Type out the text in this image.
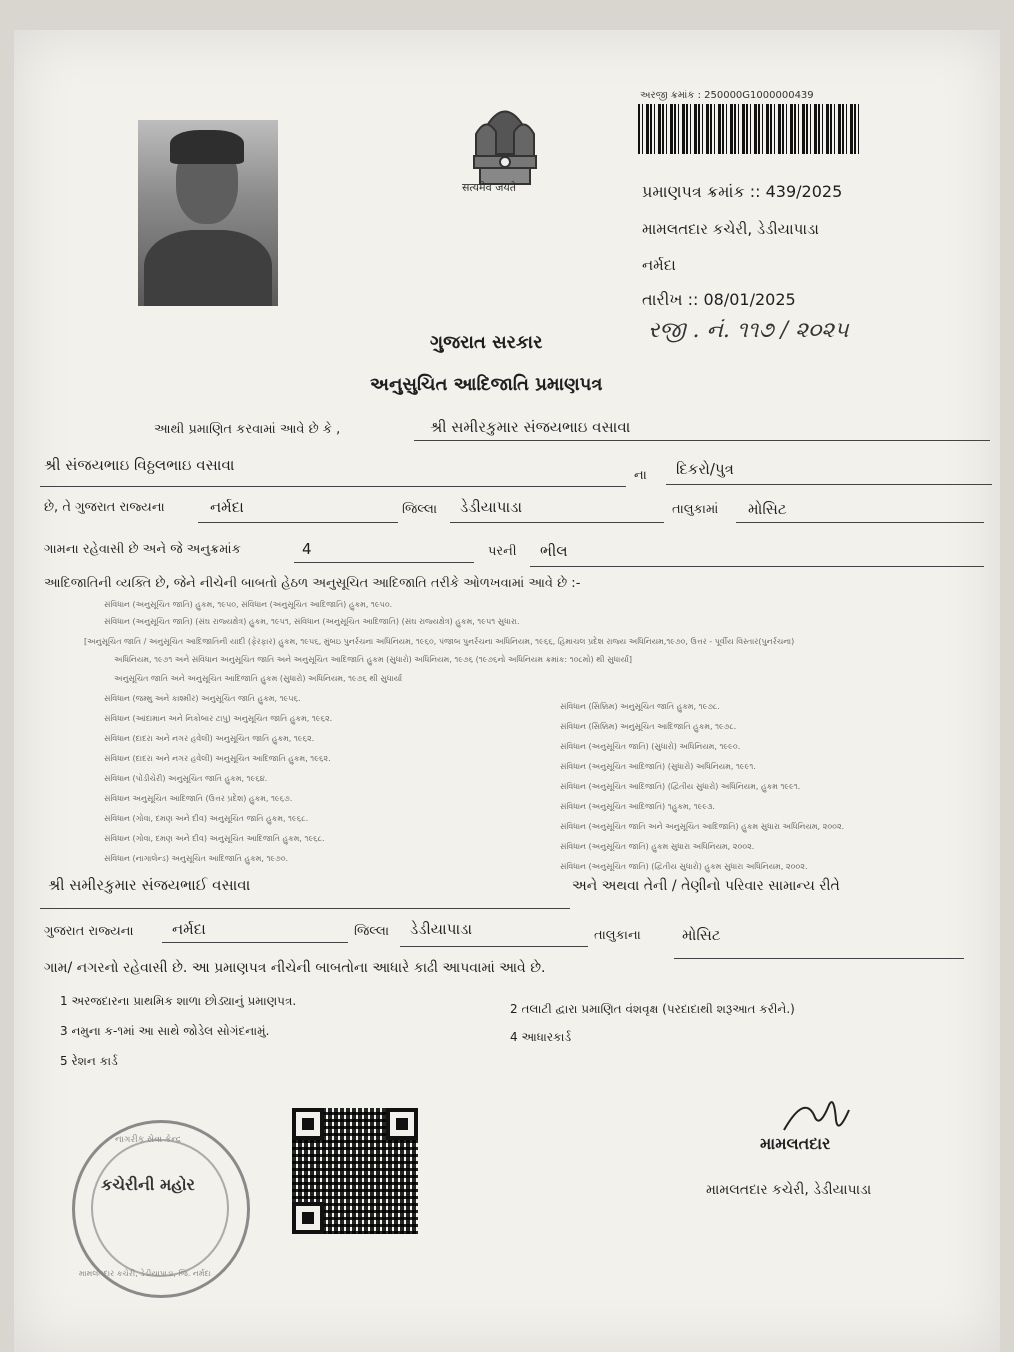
सत्यमेव जयते
અરજી ક્રમાંક : 250000G1000000439
પ્રમાણપત્ર ક્રમાંક :: 439/2025
મામલતદાર કચેરી, ડેડીયાપાડા
નર્મદા
તારીખ :: 08/01/2025
રજી . નં. ૧૧૭ / ૨૦૨૫
ગુજરાત સરકાર
અનુસુચિત આદિજાતિ પ્રમાણપત્ર
આથી પ્રમાણિત કરવામાં આવે છે કે ,	શ્રી સમીરકુમાર સંજયભાઇ વસાવા
શ્રી સંજયભાઇ વિઠ્ઠલભાઇ વસાવા
ના દિકરો/પુત્ર
છે, તે ગુજરાત રાજ્યના	નર્મદા	જિલ્લા ડેડીયાપાડા	તાલુકામાં મોસિટ
ગામના રહેવાસી છે અને જે અનુક્રમાંક	4	પરની ભીલ
આદિજાતિની વ્યક્તિ છે, જેને નીચેની બાબતો હેઠળ અનુસૂચિત આદિજાતિ તરીકે ઓળખવામાં આવે છે :-
સંવિધાન (અનુસૂચિત જાતિ) હુકમ, ૧૯૫૦, સંવિધાન (અનુસૂચિત આદિજાતિ) હુકમ, ૧૯૫૦.
સંવિધાન (અનુસૂચિત જાતિ) (સંઘ રાજ્યક્ષેત્ર) હુકમ, ૧૯૫૧, સંવિધાન (અનુસૂચિત આદિજાતિ) (સંઘ રાજ્યક્ષેત્ર) હુકમ, ૧૯૫૧ સુધારા.
[અનુસૂચિત જાતિ / અનુસૂચિત આદિજાતિની યાદી (ફેરફાર) હુકમ, ૧૯૫૬, મુંબઇ પુનર્રચના અધિનિયમ, ૧૯૬૦, પંજાબ પુનર્રચના અધિનિયમ, ૧૯૬૬, હિમાચલ પ્રદેશ રાજ્ય અધિનિયમ,૧૯૭૦, ઉત્તર - પૂર્વીય વિસ્તાર(પુનર્રચના)
અધિનિયમ, ૧૯૭૧ અને સંવિધાન અનુસૂચિત જાતિ અને અનુસૂચિત આદિજાતિ હુકમ (સુધારો) અધિનિયમ, ૧૯૭૬ (૧૯૭૬નો અધિનિયમ ક્રમાંક: ૧૦૮મો) થી સુધાર્યા]
અનુસૂચિત જાતિ અને અનુસૂચિત આદિજાતિ હુકમ (સુધારો) અધિનિયમ, ૧૯૭૬ થી સુધાર્યા
સંવિધાન (જમ્મુ અને કાશ્મીર) અનુસૂચિત જાતિ હુકમ, ૧૯૫૬.
સંવિધાન (આંદામાન અને નિકોબાર ટાપુ) અનુસૂચિત જાતિ હુકમ, ૧૯૬૨.
સંવિધાન (દાદરા અને નગર હવેલી) અનુસૂચિત જાતિ હુકમ, ૧૯૬૨.
સંવિધાન (દાદરા અને નગર હવેલી) અનુસૂચિત આદિજાતિ હુકમ, ૧૯૬૨.
સંવિધાન (પોંડીચેરી) અનુસૂચિત જાતિ હુકમ, ૧૯૬૪.
સંવિધાન અનુસૂચિત આદિજાતિ (ઉત્તર પ્રદેશ) હુકમ, ૧૯૬૭.
સંવિધાન (ગોવા, દમણ અને દીવ) અનુસૂચિત જાતિ હુકમ, ૧૯૬૮.
સંવિધાન (ગોવા, દમણ અને દીવ) અનુસૂચિત આદિજાતિ હુકમ, ૧૯૬૮.
સંવિધાન (નાગાલેન્ડ) અનુસૂચિત આદિજાતિ હુકમ, ૧૯૭૦.
સંવિધાન (સિક્કિમ) અનુસૂચિત જાતિ હુકમ, ૧૯૭૮.
સંવિધાન (સિક્કિમ) અનુસૂચિત આદિજાતિ હુકમ, ૧૯૭૮.
સંવિધાન (અનુસૂચિત જાતિ) (સુધારો) અધિનિયમ, ૧૯૯૦.
સંવિધાન (અનુસૂચિત આદિજાતિ) (સુધારો) અધિનિયમ, ૧૯૯૧.
સંવિધાન (અનુસૂચિત આદિજાતિ) (દ્વિતીય સુધારો) અધિનિયમ, હુકમ ૧૯૯૧.
સંવિધાન (અનુસૂચિત આદિજાતિ) ૧હુકમ, ૧૯૯૩.
સંવિધાન (અનુસૂચિત જાતિ અને અનુસૂચિત આદિજાતિ) હુકમ સુધારા અધિનિયમ, ૨૦૦૨.
સંવિધાન (અનુસૂચિત જાતિ) હુકમ સુધારા અધિનિયમ, ૨૦૦૨.
સંવિધાન (અનુસૂચિત જાતિ) (દ્વિતીય સુધારો) હુકમ સુધારા અધિનિયમ, ૨૦૦૨.
શ્રી સમીરકુમાર સંજયભાઈ વસાવા	અને અથવા તેની / તેણીનો પરિવાર સામાન્ય રીતે
ગુજરાત રાજ્યના	નર્મદા	જિલ્લા ડેડીયાપાડા	તાલુકાના	મોસિટ
ગામ/ નગરનો રહેવાસી છે. આ પ્રમાણપત્ર નીચેની બાબતોના આધારે કાઢી આપવામાં આવે છે.
1 અરજદારના પ્રાથમિક શાળા છોડ્યાનું પ્રમાણપત્ર.
2 તલાટી દ્વારા પ્રમાણિત વંશવૃક્ષ (પરદાદાથી શરૂઆત કરીને.)
3 નમુના ક-૧માં આ સાથે જોડેલ સોગંદનામું.	4 આધારકાર્ડ
5 રેશન કાર્ડ
નાગરીક સેવા કેન્દ્ર
મામલતદાર કચેરી, ડેડીયાપાડા, જિ. નર્મદા
કચેરીની મહોર
મામલતદાર
મામલતદાર કચેરી, ડેડીયાપાડા
